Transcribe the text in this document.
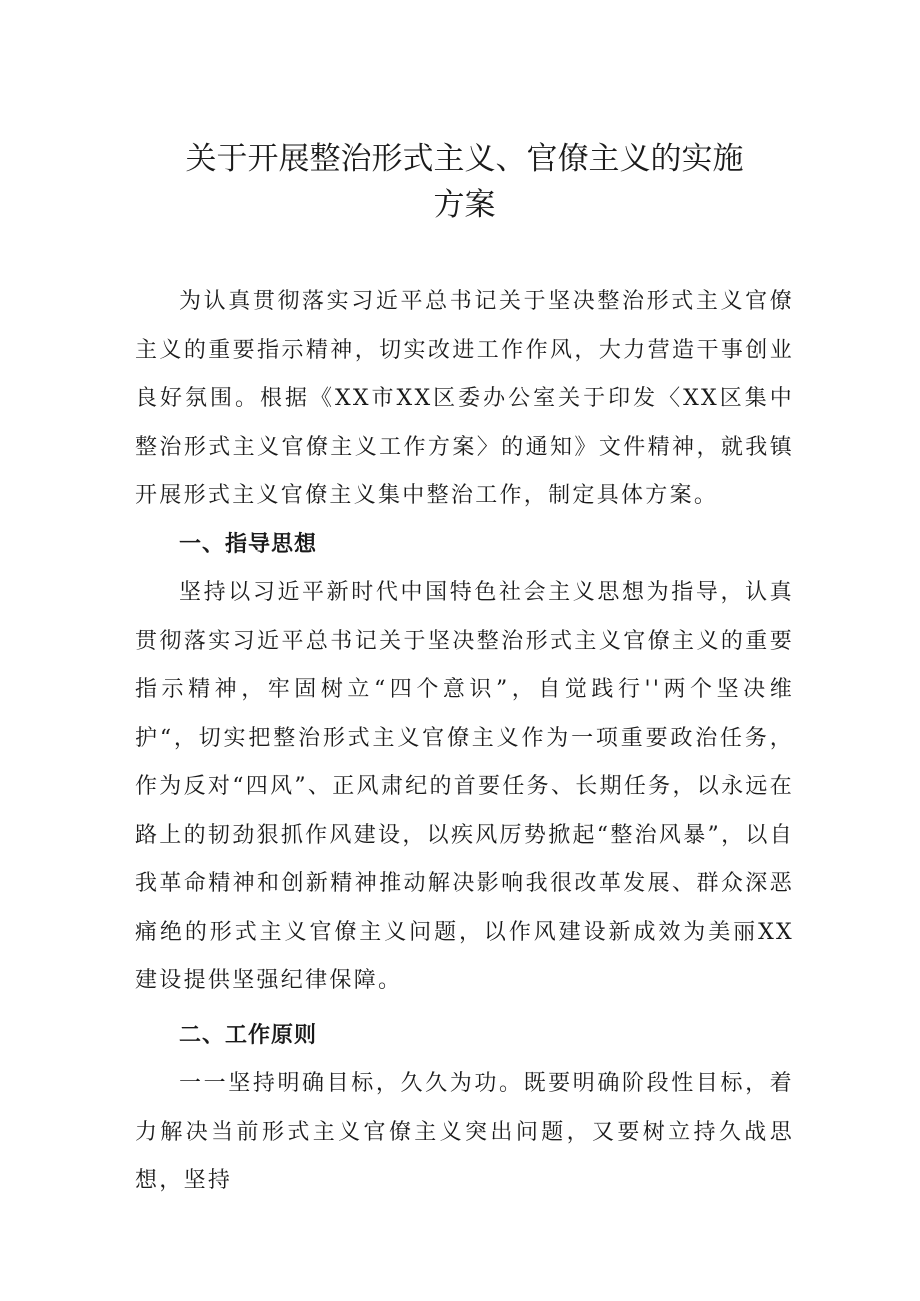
关于开展整治形式主义、官僚主义的实施
方案

为认真贯彻落实习近平总书记关于坚决整治形式主义官僚主义的重要指示精神，切实改进工作作风，大力营造干事创业良好氛围。根据《XX市XX区委办公室关于印发〈XX区集中整治形式主义官僚主义工作方案〉的通知》文件精神，就我镇开展形式主义官僚主义集中整治工作，制定具体方案。

一、指导思想

坚持以习近平新时代中国特色社会主义思想为指导，认真贯彻落实习近平总书记关于坚决整治形式主义官僚主义的重要指示精神，牢固树立“四个意识”，自觉践行''两个坚决维护“，切实把整治形式主义官僚主义作为一项重要政治任务，作为反对“四风”、正风肃纪的首要任务、长期任务，以永远在路上的韧劲狠抓作风建设，以疾风厉势掀起“整治风暴”，以自我革命精神和创新精神推动解决影响我很改革发展、群众深恶痛绝的形式主义官僚主义问题，以作风建设新成效为美丽XX建设提供坚强纪律保障。

二、工作原则

一一坚持明确目标，久久为功。既要明确阶段性目标，着力解决当前形式主义官僚主义突出问题，又要树立持久战思想，坚持
